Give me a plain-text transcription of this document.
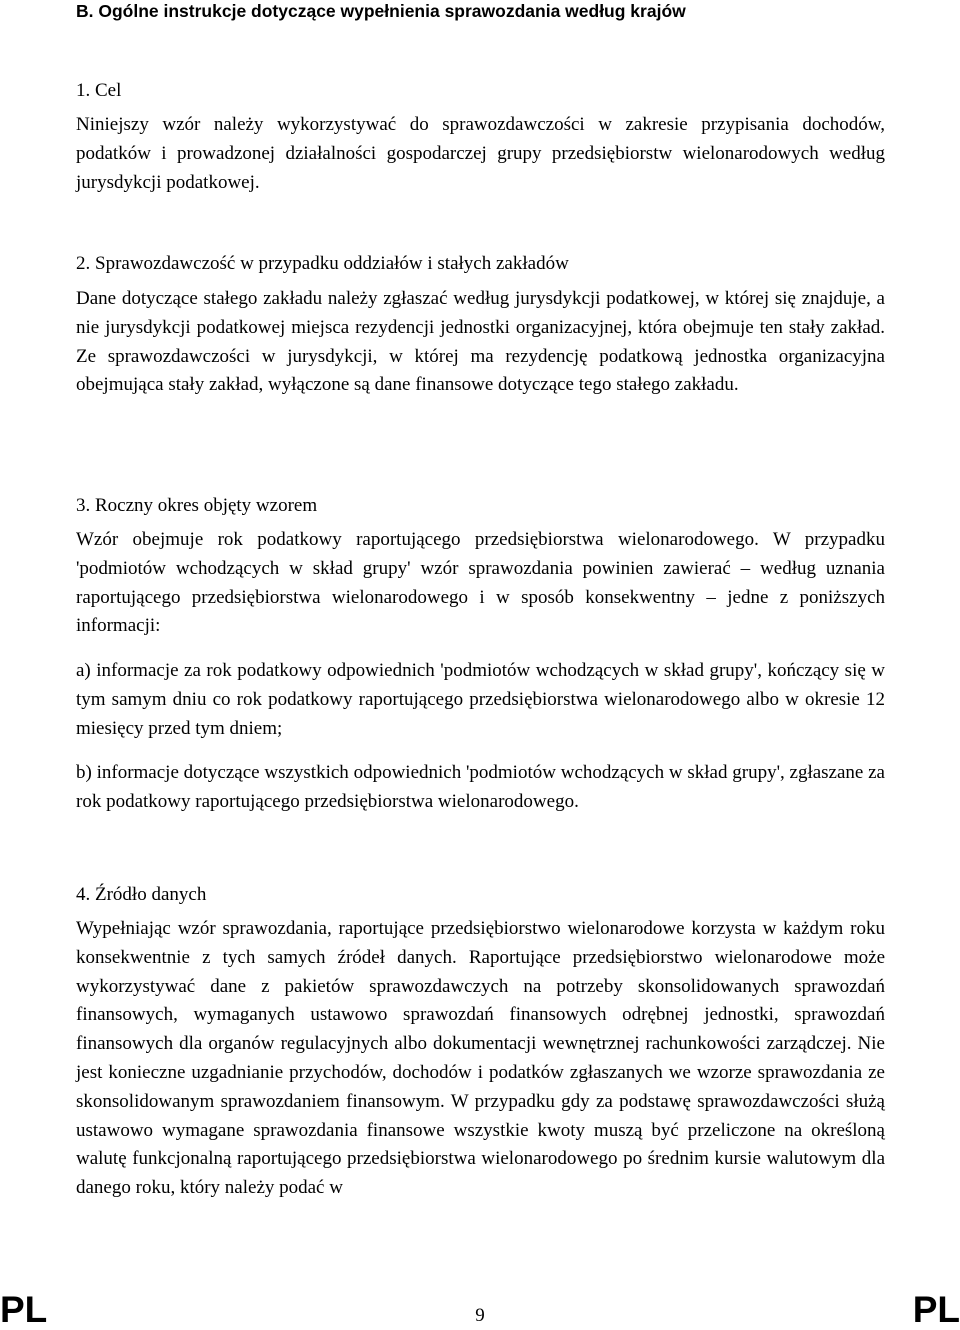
B. Ogólne instrukcje dotyczące wypełnienia sprawozdania według krajów
1. Cel
Niniejszy wzór należy wykorzystywać do sprawozdawczości w zakresie przypisania dochodów, podatków i prowadzonej działalności gospodarczej grupy przedsiębiorstw wielonarodowych według jurysdykcji podatkowej.
2. Sprawozdawczość w przypadku oddziałów i stałych zakładów
Dane dotyczące stałego zakładu należy zgłaszać według jurysdykcji podatkowej, w której się znajduje, a nie jurysdykcji podatkowej miejsca rezydencji jednostki organizacyjnej, która obejmuje ten stały zakład. Ze sprawozdawczości w jurysdykcji, w której ma rezydencję podatkową jednostka organizacyjna obejmująca stały zakład, wyłączone są dane finansowe dotyczące tego stałego zakładu.
3. Roczny okres objęty wzorem
Wzór obejmuje rok podatkowy raportującego przedsiębiorstwa wielonarodowego. W przypadku 'podmiotów wchodzących w skład grupy' wzór sprawozdania powinien zawierać – według uznania raportującego przedsiębiorstwa wielonarodowego i w sposób konsekwentny – jedne z poniższych informacji:
a) informacje za rok podatkowy odpowiednich 'podmiotów wchodzących w skład grupy', kończący się w tym samym dniu co rok podatkowy raportującego przedsiębiorstwa wielonarodowego albo w okresie 12 miesięcy przed tym dniem;
b) informacje dotyczące wszystkich odpowiednich 'podmiotów wchodzących w skład grupy', zgłaszane za rok podatkowy raportującego przedsiębiorstwa wielonarodowego.
4. Źródło danych
Wypełniając wzór sprawozdania, raportujące przedsiębiorstwo wielonarodowe korzysta w każdym roku konsekwentnie z tych samych źródeł danych. Raportujące przedsiębiorstwo wielonarodowe może wykorzystywać dane z pakietów sprawozdawczych na potrzeby skonsolidowanych sprawozdań finansowych, wymaganych ustawowo sprawozdań finansowych odrębnej jednostki, sprawozdań finansowych dla organów regulacyjnych albo dokumentacji wewnętrznej rachunkowości zarządczej. Nie jest konieczne uzgadnianie przychodów, dochodów i podatków zgłaszanych we wzorze sprawozdania ze skonsolidowanym sprawozdaniem finansowym. W przypadku gdy za podstawę sprawozdawczości służą ustawowo wymagane sprawozdania finansowe wszystkie kwoty muszą być przeliczone na określoną walutę funkcjonalną raportującego przedsiębiorstwa wielonarodowego po średnim kursie walutowym dla danego roku, który należy podać w
PL	9	PL
